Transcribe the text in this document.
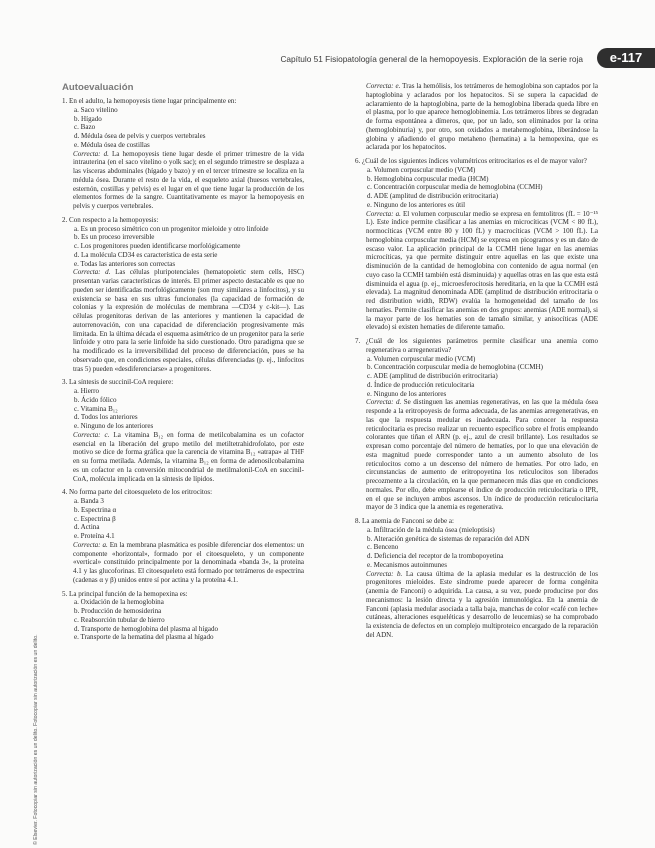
Capítulo 51 Fisiopatología general de la hemopoyesis. Exploración de la serie roja	e-117
© Elsevier. Fotocopiar sin autorización es un delito. Fotocopiar sin autorización es un delito.
Autoevaluación
1. En el adulto, la hemopoyesis tiene lugar principalmente en:
a. Saco vitelino
b. Hígado
c. Bazo
d. Médula ósea de pelvis y cuerpos vertebrales
e. Médula ósea de costillas
Correcta: d. La hemopoyesis tiene lugar desde el primer trimestre de la vida intrauterina (en el saco vitelino o yolk sac); en el segundo trimestre se desplaza a las vísceras abdominales (hígado y bazo) y en el tercer trimestre se localiza en la médula ósea. Durante el resto de la vida, el esqueleto axial (huesos vertebrales, esternón, costillas y pelvis) es el lugar en el que tiene lugar la producción de los elementos formes de la sangre. Cuantitativamente es mayor la hemopoyesis en pelvis y cuerpos vertebrales.
2. Con respecto a la hemopoyesis:
a. Es un proceso simétrico con un progenitor mieloide y otro linfoide
b. Es un proceso irreversible
c. Los progenitores pueden identificarse morfológicamente
d. La molécula CD34 es característica de esta serie
e. Todas las anteriores son correctas
Correcta: d. Las células pluripotenciales (hematopoietic stem cells, HSC) presentan varias características de interés. El primer aspecto destacable es que no pueden ser identificadas morfológicamente (son muy similares a linfocitos), y su existencia se basa en sus ultras funcionales (la capacidad de formación de colonias y la expresión de moléculas de membrana —CD34 y c-kit—). Las células progenitoras derivan de las anteriores y mantienen la capacidad de autorrenovación, con una capacidad de diferenciación progresivamente más limitada. En la última década el esquema asimétrico de un progenitor para la serie linfoide y otro para la serie linfoide ha sido cuestionado. Otro paradigma que se ha modificado es la irreversibilidad del proceso de diferenciación, pues se ha observado que, en condiciones especiales, células diferenciadas (p. ej., linfocitos tras 5) pueden «desdiferenciarse» a progenitores.
3. La síntesis de succinil-CoA requiere:
a. Hierro
b. Ácido fólico
c. Vitamina B₁₂
d. Todos los anteriores
e. Ninguno de los anteriores
Correcta: c. La vitamina B₁₂ en forma de metilcobalamina es un cofactor esencial en la liberación del grupo metilo del metiltetrahidrofolato, por este motivo se dice de forma gráfica que la carencia de vitamina B₁₂ «atrapa» al THF en su forma metilada. Además, la vitamina B₁₂ en forma de adenosilcobalamina es un cofactor en la conversión mitocondrial de metilmalonil-CoA en succinil-CoA, molécula implicada en la síntesis de lípidos.
4. No forma parte del citoesqueleto de los eritrocitos:
a. Banda 3
b. Espectrina α
c. Espectrina β
d. Actina
e. Proteína 4.1
Correcta: a. En la membrana plasmática es posible diferenciar dos elementos: un componente «horizontal», formado por el citoesqueleto, y un componente «vertical» constituido principalmente por la denominada «banda 3», la proteína 4.1 y las glucoforinas. El citoesqueleto está formado por tetrámeros de espectrina (cadenas α y β) unidos entre sí por actina y la proteína 4.1.
5. La principal función de la hemopexina es:
a. Oxidación de la hemoglobina
b. Producción de hemosiderina
c. Reabsorción tubular de hierro
d. Transporte de hemoglobina del plasma al hígado
e. Transporte de la hematina del plasma al hígado
Correcta: e. Tras la hemólisis, los tetrámeros de hemoglobina son captados por la haptoglobina y aclarados por los hepatocitos. Si se supera la capacidad de aclaramiento de la haptoglobina, parte de la hemoglobina liberada queda libre en el plasma, por lo que aparece hemoglobinemia. Los tetrámeros libres se degradan de forma espontánea a dímeros, que, por un lado, son eliminados por la orina (hemoglobinuria) y, por otro, son oxidados a metahemoglobina, liberándose la globina y añadiendo el grupo metaheno (hematina) a la hemopexina, que es aclarada por los hepatocitos.
6. ¿Cuál de los siguientes índices volumétricos eritrocitarios es el de mayor valor?
a. Volumen corpuscular medio (VCM)
b. Hemoglobina corpuscular media (HCM)
c. Concentración corpuscular media de hemoglobina (CCMH)
d. ADE (amplitud de distribución eritrocitaria)
e. Ninguno de los anteriores es útil
Correcta: a. El volumen corpuscular medio se expresa en femtolitros (fL = 10⁻¹⁵ L). Este índice permite clasificar a las anemias en microcíticas (VCM < 80 fL), normocíticas (VCM entre 80 y 100 fL) y macrocíticas (VCM > 100 fL). La hemoglobina corpuscular media (HCM) se expresa en picogramos y es un dato de escaso valor. La aplicación principal de la CCMH tiene lugar en las anemias microcíticas, ya que permite distinguir entre aquellas en las que existe una disminución de la cantidad de hemoglobina con contenido de agua normal (en cuyo caso la CCMH también está disminuida) y aquellas otras en las que esta está disminuida el agua (p. ej., microesferocitosis hereditaria, en la que la CCMH está elevada). La magnitud denominada ADE (amplitud de distribución eritrocitaria o red distribution width, RDW) evalúa la homogeneidad del tamaño de los hematíes. Permite clasificar las anemias en dos grupos: anemias (ADE normal), si la mayor parte de los hematíes son de tamaño similar, y anisocíticas (ADE elevado) si existen hematíes de diferente tamaño.
7. ¿Cuál de los siguientes parámetros permite clasificar una anemia como regenerativa o arregenerativa?
a. Volumen corpuscular medio (VCM)
b. Concentración corpuscular media de hemoglobina (CCMH)
c. ADE (amplitud de distribución eritrocitaria)
d. Índice de producción reticulocitaria
e. Ninguno de los anteriores
Correcta: d. Se distinguen las anemias regenerativas, en las que la médula ósea responde a la eritropoyesis de forma adecuada, de las anemias arregenerativas, en las que la respuesta medular es inadecuada. Para conocer la respuesta reticulocitaria es preciso realizar un recuento específico sobre el frotis empleando colorantes que tiñan el ARN (p. ej., azul de cresil brillante). Los resultados se expresan como porcentaje del número de hematíes, por lo que una elevación de esta magnitud puede corresponder tanto a un aumento absoluto de los reticulocitos como a un descenso del número de hematíes. Por otro lado, en circunstancias de aumento de eritropoyetina los reticulocitos son liberados precozmente a la circulación, en la que permanecen más días que en condiciones normales. Por ello, debe emplearse el índice de producción reticulocitaria o IPR, en el que se incluyen ambos ascensos. Un índice de producción reticulocitaria mayor de 3 indica que la anemia es regenerativa.
8. La anemia de Fanconi se debe a:
a. Infiltración de la médula ósea (mieloptisis)
b. Alteración genética de sistemas de reparación del ADN
c. Benceno
d. Deficiencia del receptor de la trombopoyetina
e. Mecanismos autoinmunes
Correcta: b. La causa última de la aplasia medular es la destrucción de los progenitores mieloides. Este síndrome puede aparecer de forma congénita (anemia de Fanconi) o adquirida. La causa, a su vez, puede producirse por dos mecanismos: la lesión directa y la agresión inmunológica. En la anemia de Fanconi (aplasia medular asociada a talla baja, manchas de color «café con leche» cutáneas, alteraciones esqueléticas y desarrollo de leucemias) se ha comprobado la existencia de defectos en un complejo multiproteico encargado de la reparación del ADN.
